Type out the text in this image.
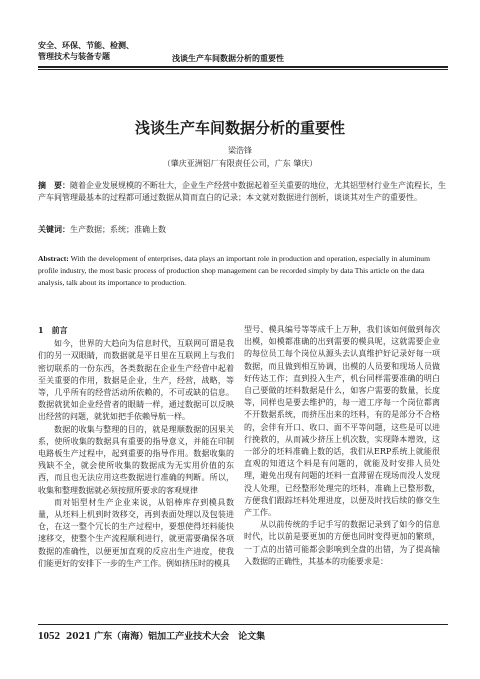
安全、环保、节能、检测、
管理技术与装备专题	浅谈生产车间数据分析的重要性
浅谈生产车间数据分析的重要性
梁浩锋
（肇庆亚洲铝厂有限责任公司，广东 肇庆）
摘　要：随着企业发展规模的不断壮大，企业生产经营中数据起着至关重要的地位，尤其铝型材行业生产流程长，生产车间管理最基本的过程都可通过数据从简而直白的记录；本文就对数据进行剖析，谈谈其对生产的重要性。
关键词：生产数据；系统；准确上数
Abstract: With the development of enterprises, data plays an important role in production and operation, especially in aluminum profile industry, the most basic process of production shop management can be recorded simply by data This article on the data analysis, talk about its importance to production.
1　前言

如今，世界的大趋向为信息时代，互联网可谓是我们的另一双眼睛，而数据就是平日里在互联网上与我们密切联系的一份东西，各类数据在企业生产经营中起着至关重要的作用，数据是企业，生产，经营，战略，等等，几乎所有的经营活动所依赖的，不可或缺的信息。数据就犹如企业经营者的眼睛一样，通过数据可以反映出经营的问题，就犹如把手依赖导航一样。

数据的收集与整理的目的，就是理顺数据的因果关系，使所收集的数据具有重要的指导意义，并能在印制电路板生产过程中，起到重要的指导作用。数据收集的残缺不全，就会使所收集的数据成为无实用价值的东西，而且也无法应用这些数据进行准确的判断。所以，收集和整理数据就必须按照所要求的客观规律

而对铝型材生产企业来说，从铝棒库存到模具数量，从坯料上机到时效移交，再到表面处理以及包装进仓，在这一整个冗长的生产过程中，要想使得坯料能快速移交，使整个生产流程顺利进行，就更需要确保各项数据的准确性，以便更加直观的反应出生产进度，使我们能更好的安排下一步的生产工作。例如挤压时的模具

型号、模具编号等等成千上万种，我们该如何做到每次出模，如模都准确的出到需要的模具呢，这就需要企业的每位员工每个岗位从源头去认真维护好记录好每一项数据，而且做到相互协调，出模的人员要和现场人员做好传达工作；直到投入生产，机台同样需要准确的明白自己要做的坯料数据是什么，如客户需要的数量，长度等，同样也是要去维护的，每一道工序每一个岗位都离不开数据系统，而挤压出来的坯料，有的是部分不合格的，会伴有开口、收口、面不平等问题，这些是可以进行挽救的，从而减少挤压上机次数，实现降本增效，这一部分的坯料准确上数的话，我们从ERP系统上就能很直观的知道这个料是有问题的，就能及时安排人员处理，避免出现有问题的坯料一直滞留在现场而没人发现没人处理，已经整形处理完的坯料，准确上已整形数，方便我们跟踪坯料处理进度，以便及时找后续的修交生产工作。

从以前传统的手记手写的数据记录到了如今的信息时代，比以前是要更加的方便也同时变得更加的繁琐，一丁点的出错可能都会影响到全盘的出错，为了提高输入数据的正确性，其基本的功能要求是：

1052 2021 广东（南海）铝加工产业技术大会　论文集
